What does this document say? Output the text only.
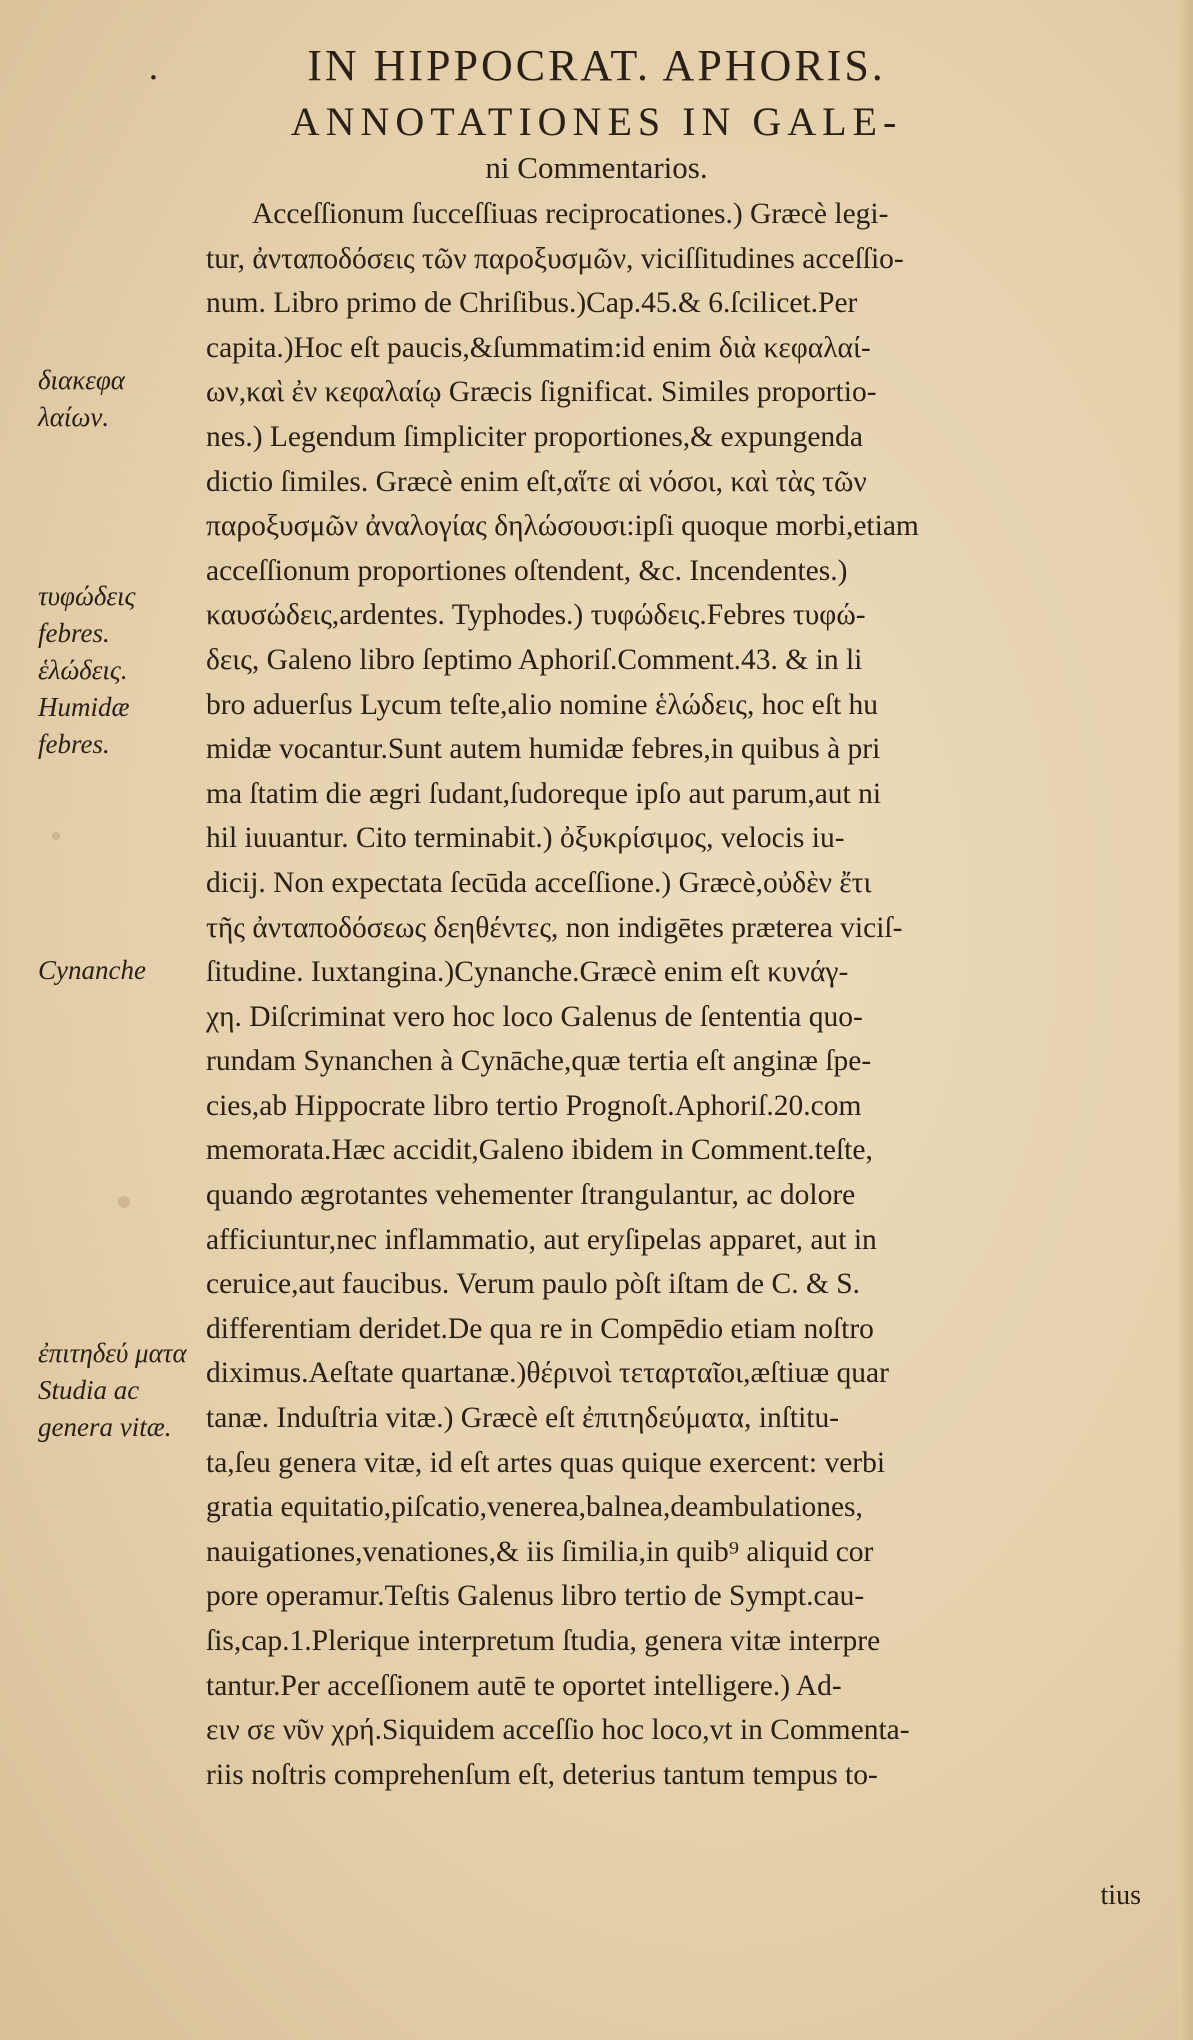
.	IN HIPPOCRAT. APHORIS.
ANNOTATIONES IN GALE-
ni Commentarios.
Acceſſionum ſucceſſiuas reciprocationes.) Græcè legi-
tur, ἀνταποδόσεις τῶν παροξυσμῶν, viciſſitudines acceſſio-
num. Libro primo de Chriſibus.)Cap.45.& 6.ſcilicet.Per
capita.)Hoc eſt paucis,&ſummatim:id enim διὰ κεφαλαί-
ων,καὶ ἐν κεφαλαίῳ Græcis ſignificat. Similes proportio-
nes.) Legendum ſimpliciter proportiones,& expungenda
dictio ſimiles. Græcè enim eſt,αἵτε αἱ νόσοι, καὶ τὰς τῶν
παροξυσμῶν ἀναλογίας δηλώσουσι:ipſi quoque morbi,etiam
acceſſionum proportiones oſtendent, &c. Incendentes.)
καυσώδεις,ardentes. Typhodes.) τυφώδεις.Febres τυφώ-
δεις, Galeno libro ſeptimo Aphoriſ.Comment.43. & in li
bro aduerſus Lycum teſte,alio nomine ἑλώδεις, hoc eſt hu
midæ vocantur.Sunt autem humidæ febres,in quibus à pri
ma ſtatim die ægri ſudant,ſudoreque ipſo aut parum,aut ni
hil iuuantur. Cito terminabit.) ὀξυκρίσιμος, velocis iu-
dicij. Non expectata ſecūda acceſſione.) Græcè,οὐδὲν ἔτι
τῆς ἀνταποδόσεως δεηθέντες, non indigētes prætereа viciſ-
ſitudine. Iuxtangina.)Cynanche.Græcè enim eſt κυνάγ-
χη. Diſcriminat vero hoc loco Galenus de ſententia quo-
rundam Synanchen à Cynāche,quæ tertia eſt anginæ ſpe-
cies,ab Hippocrate libro tertio Prognoſt.Aphoriſ.20.com
memorata.Hæc accidit,Galeno ibidem in Comment.teſte,
quando ægrotantes vehementer ſtrangulantur, ac dolore
afficiuntur,nec inflammatio, aut eryſipelas apparet, aut in
ceruice,aut faucibus. Verum paulo pòſt iſtam de C. & S.
differentiam deridet.De qua re in Compēdio etiam noſtro
diximus.Aeſtate quartanæ.)θέρινοὶ τεταρταῖοι,æſtiuæ quar
tanæ. Induſtria vitæ.) Græcè eſt ἐπιτηδεύματα, inſtitu-
ta,ſeu genera vitæ, id eſt artes quas quique exercent: verbi
gratia equitatio,piſcatio,venerea,balnea,deambulationes,
nauigationes,venationes,& iis ſimilia,in quib⁹ aliquid cor
pore operamur.Teſtis Galenus libro tertio de Sympt.cau-
ſis,cap.1.Plerique interpretum ſtudia, genera vitæ interpre
tantur.Per acceſſionem autē te oportet intelligere.) Ad-
ειν σε νῦν χρή.Siquidem acceſſio hoc loco,vt in Commenta-
riis noſtris comprehenſum eſt, deterius tantum tempus to-
διακεφα λαίων.
τυφώδεις febres. ἑλώδεις. Humidæ febres.
Cynanche
ἐπιτηδεύ ματα Studia ac genera vitæ.
tius
